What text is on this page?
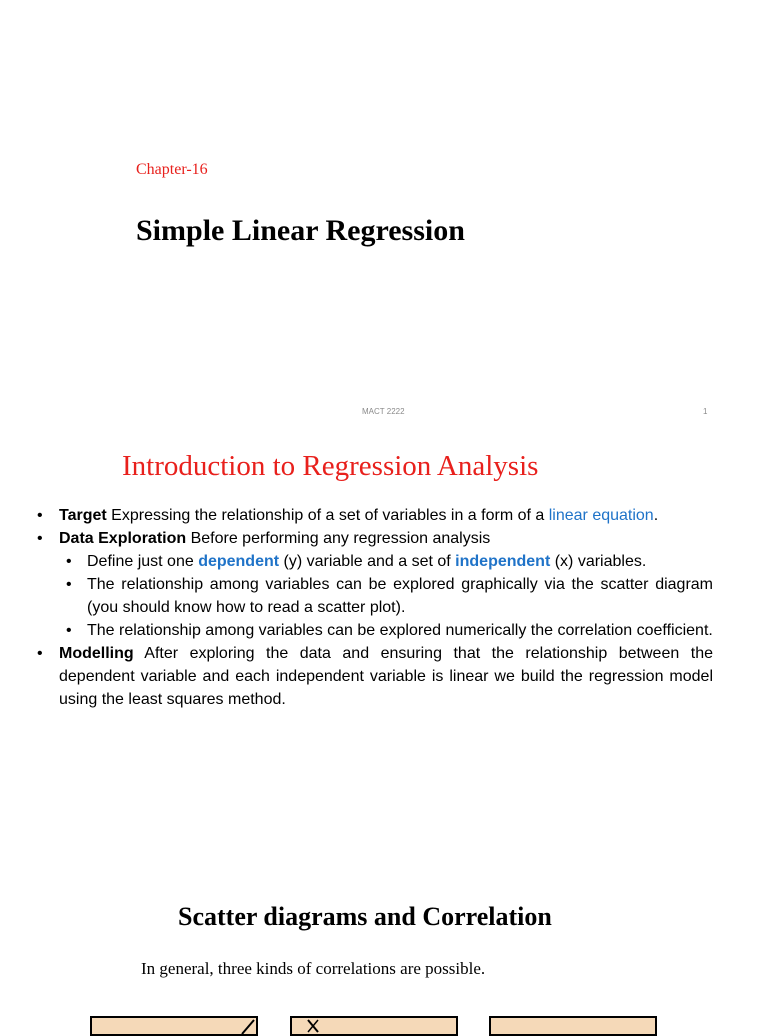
Chapter-16
Simple Linear Regression
MACT 2222	1
Introduction to Regression Analysis
• Target Expressing the relationship of a set of variables in a form of a linear equation.
• Data Exploration Before performing any regression analysis
• Define just one dependent (y) variable and a set of independent (x) variables.
• The relationship among variables can be explored graphically via the scatter diagram (you should know how to read a scatter plot).
• The relationship among variables can be explored numerically the correlation coefficient.
• Modelling After exploring the data and ensuring that the relationship between the dependent variable and each independent variable is linear we build the regression model using the least squares method.
Scatter diagrams and Correlation
In general, three kinds of correlations are possible.
